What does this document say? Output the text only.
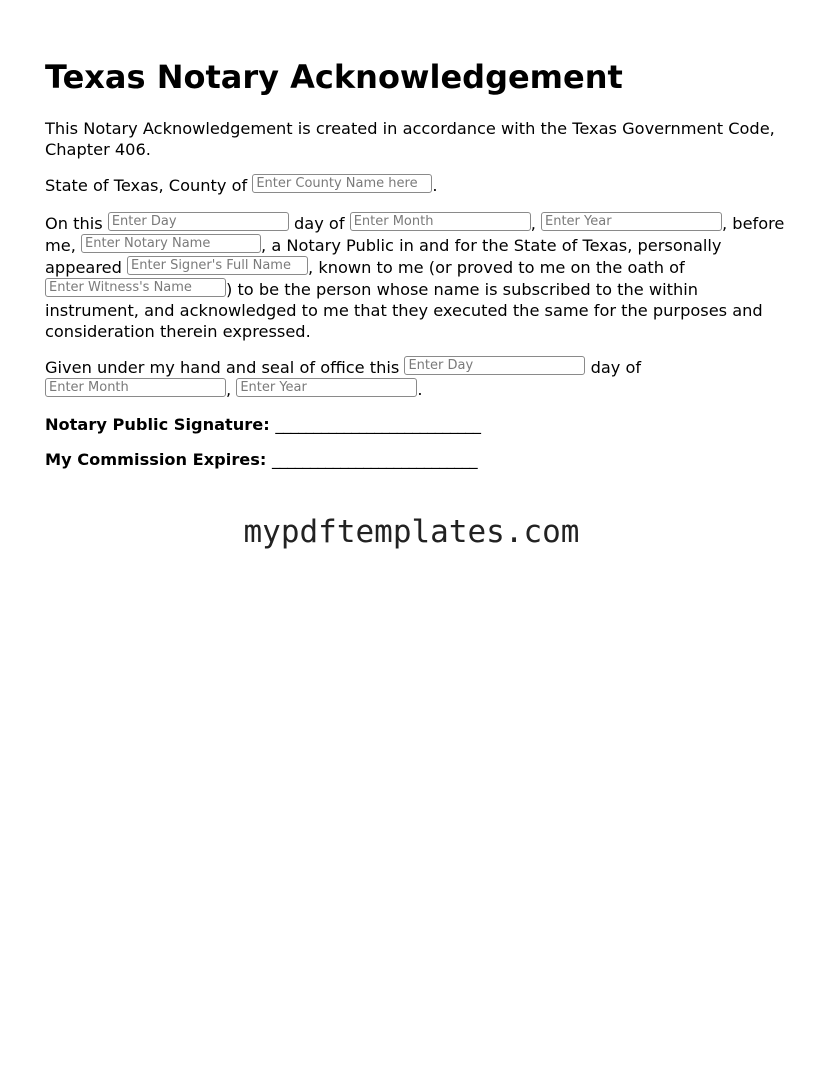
Texas Notary Acknowledgement

This Notary Acknowledgement is created in accordance with the Texas Government Code, Chapter 406.

State of Texas, County of Enter County Name here .

On this Enter Day	day of Enter Month	, Enter Year	, before me, Enter Notary Name	, a Notary Public in and for the State of Texas, personally appeared Enter Signer's Full Name , known to me (or proved to me on the oath of Enter Witness's Name ) to be the person whose name is subscribed to the within instrument, and acknowledged to me that they executed the same for the purposes and consideration therein expressed.

Given under my hand and seal of office this Enter Day	day of Enter Month	, Enter Year	.

Notary Public Signature: ___________________________

My Commission Expires: ___________________________

mypdftemplates.com
